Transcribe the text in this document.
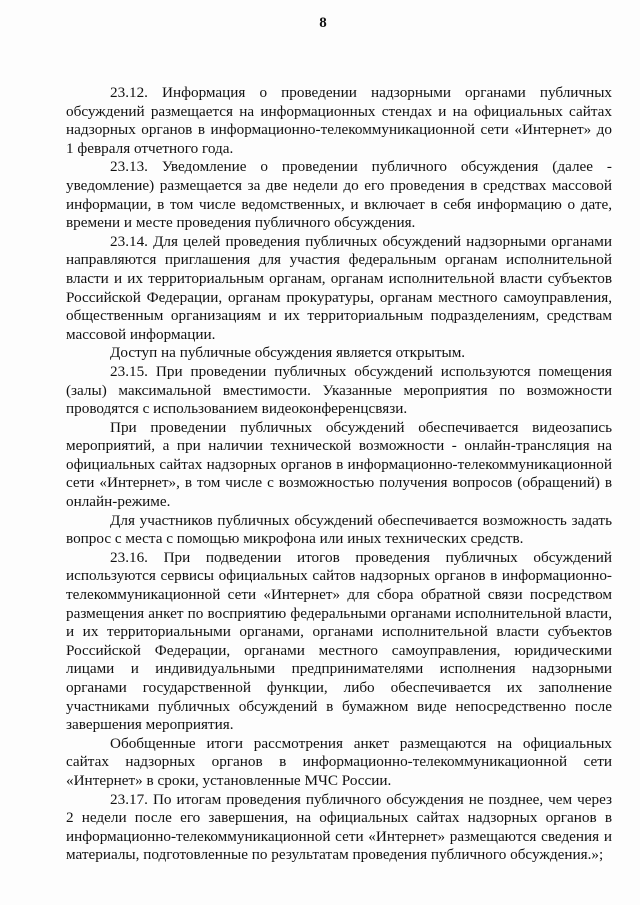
8

23.12. Информация о проведении надзорными органами публичных обсуждений размещается на информационных стендах и на официальных сайтах надзорных органов в информационно-телекоммуникационной сети «Интернет» до 1 февраля отчетного года.

23.13. Уведомление о проведении публичного обсуждения (далее - уведомление) размещается за две недели до его проведения в средствах массовой информации, в том числе ведомственных, и включает в себя информацию о дате, времени и месте проведения публичного обсуждения.

23.14. Для целей проведения публичных обсуждений надзорными органами направляются приглашения для участия федеральным органам исполнительной власти и их территориальным органам, органам исполнительной власти субъектов Российской Федерации, органам прокуратуры, органам местного самоуправления, общественным организациям и их территориальным подразделениям, средствам массовой информации.

Доступ на публичные обсуждения является открытым.

23.15. При проведении публичных обсуждений используются помещения (залы) максимальной вместимости. Указанные мероприятия по возможности проводятся с использованием видеоконференцсвязи.

При проведении публичных обсуждений обеспечивается видеозапись мероприятий, а при наличии технической возможности - онлайн-трансляция на официальных сайтах надзорных органов в информационно-телекоммуникационной сети «Интернет», в том числе с возможностью получения вопросов (обращений) в онлайн-режиме.

Для участников публичных обсуждений обеспечивается возможность задать вопрос с места с помощью микрофона или иных технических средств.

23.16. При подведении итогов проведения публичных обсуждений используются сервисы официальных сайтов надзорных органов в информационно-телекоммуникационной сети «Интернет» для сбора обратной связи посредством размещения анкет по восприятию федеральными органами исполнительной власти, и их территориальными органами, органами исполнительной власти субъектов Российской Федерации, органами местного самоуправления, юридическими лицами и индивидуальными предпринимателями исполнения надзорными органами государственной функции, либо обеспечивается их заполнение участниками публичных обсуждений в бумажном виде непосредственно после завершения мероприятия.

Обобщенные итоги рассмотрения анкет размещаются на официальных сайтах надзорных органов в информационно-телекоммуникационной сети «Интернет» в сроки, установленные МЧС России.

23.17. По итогам проведения публичного обсуждения не позднее, чем через 2 недели после его завершения, на официальных сайтах надзорных органов в информационно-телекоммуникационной сети «Интернет» размещаются сведения и материалы, подготовленные по результатам проведения публичного обсуждения.»;
